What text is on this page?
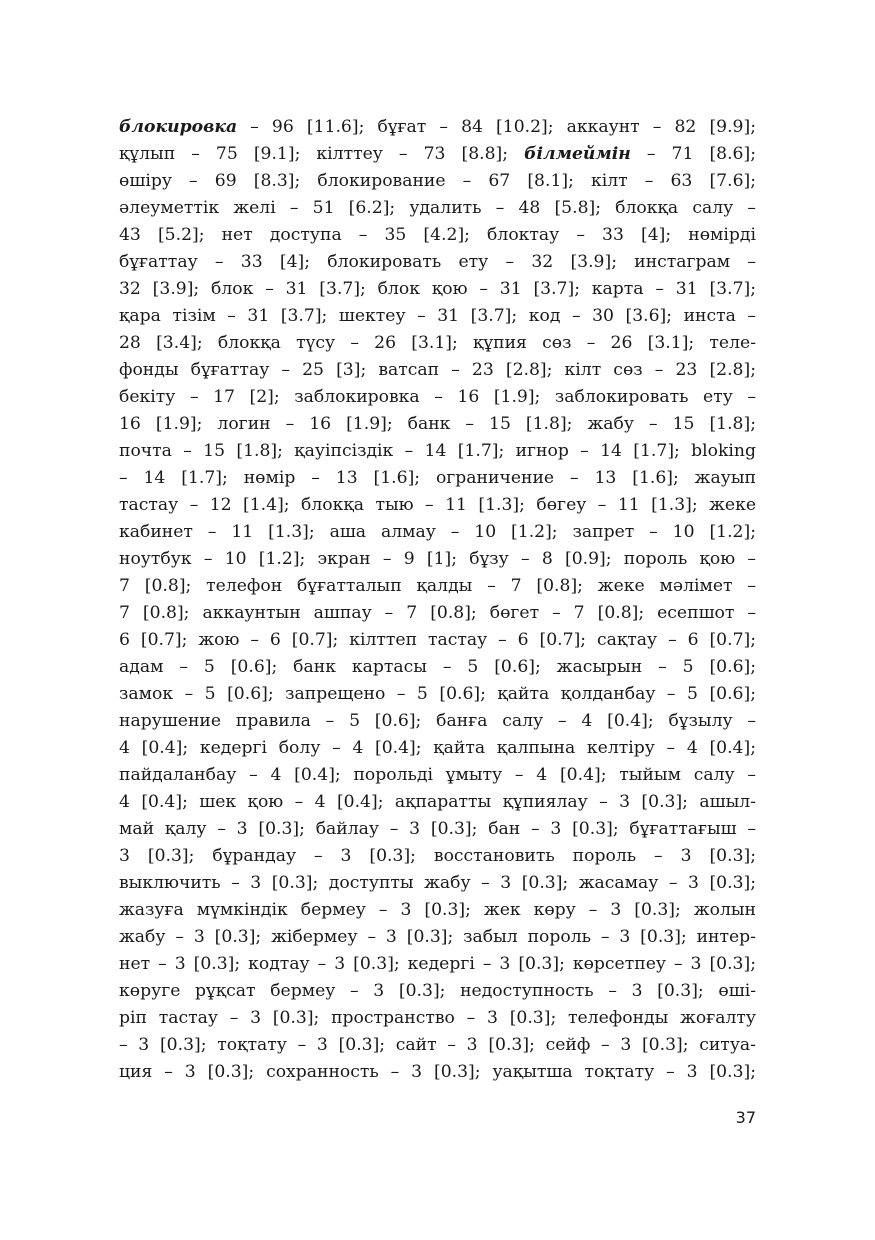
блокировка – 96 [11.6]; бұғат – 84 [10.2]; аккаунт – 82 [9.9];
құлып – 75 [9.1]; кілттеу – 73 [8.8]; білмеймін – 71 [8.6];
өшіру – 69 [8.3]; блокирование – 67 [8.1]; кілт – 63 [7.6];
әлеуметтік желі – 51 [6.2]; удалить – 48 [5.8]; блокқа салу –
43 [5.2]; нет доступа – 35 [4.2]; блоктау – 33 [4]; нөмірді
бұғаттау – 33 [4]; блокировать ету – 32 [3.9]; инстаграм –
32 [3.9]; блок – 31 [3.7]; блок қою – 31 [3.7]; карта – 31 [3.7];
қара тізім – 31 [3.7]; шектеу – 31 [3.7]; код – 30 [3.6]; инста –
28 [3.4]; блокқа түсу – 26 [3.1]; құпия сөз – 26 [3.1]; теле-
фонды бұғаттау – 25 [3]; ватсап – 23 [2.8]; кілт сөз – 23 [2.8];
бекіту – 17 [2]; заблокировка – 16 [1.9]; заблокировать ету –
16 [1.9]; логин – 16 [1.9]; банк – 15 [1.8]; жабу – 15 [1.8];
почта – 15 [1.8]; қауіпсіздік – 14 [1.7]; игнор – 14 [1.7]; bloking
– 14 [1.7]; нөмір – 13 [1.6]; ограничение – 13 [1.6]; жауып
тастау – 12 [1.4]; блокқа тыю – 11 [1.3]; бөгеу – 11 [1.3]; жеке
кабинет – 11 [1.3]; аша алмау – 10 [1.2]; запрет – 10 [1.2];
ноутбук – 10 [1.2]; экран – 9 [1]; бұзу – 8 [0.9]; пороль қою –
7 [0.8]; телефон бұғатталып қалды – 7 [0.8]; жеке мәлімет –
7 [0.8]; аккаунтын ашпау – 7 [0.8]; бөгет – 7 [0.8]; есепшот –
6 [0.7]; жою – 6 [0.7]; кілттеп тастау – 6 [0.7]; сақтау – 6 [0.7];
адам – 5 [0.6]; банк картасы – 5 [0.6]; жасырын – 5 [0.6];
замок – 5 [0.6]; запрещено – 5 [0.6]; қайта қолданбау – 5 [0.6];
нарушение правила – 5 [0.6]; банға салу – 4 [0.4]; бұзылу –
4 [0.4]; кедергі болу – 4 [0.4]; қайта қалпына келтіру – 4 [0.4];
пайдаланбау – 4 [0.4]; порольді ұмыту – 4 [0.4]; тыйым салу –
4 [0.4]; шек қою – 4 [0.4]; ақпаратты құпиялау – 3 [0.3]; ашыл-
май қалу – 3 [0.3]; байлау – 3 [0.3]; бан – 3 [0.3]; бұғаттағыш –
3 [0.3]; бұрандау – 3 [0.3]; восстановить пороль – 3 [0.3];
выключить – 3 [0.3]; доступты жабу – 3 [0.3]; жасамау – 3 [0.3];
жазуға мүмкіндік бермеу – 3 [0.3]; жек көру – 3 [0.3]; жолын
жабу – 3 [0.3]; жібермеу – 3 [0.3]; забыл пороль – 3 [0.3]; интер-
нет – 3 [0.3]; кодтау – 3 [0.3]; кедергі – 3 [0.3]; көрсетпеу – 3 [0.3];
көруге рұқсат бермеу – 3 [0.3]; недоступность – 3 [0.3]; өші-
ріп тастау – 3 [0.3]; пространство – 3 [0.3]; телефонды жоғалту
– 3 [0.3]; тоқтату – 3 [0.3]; сайт – 3 [0.3]; сейф – 3 [0.3]; ситуа-
ция – 3 [0.3]; сохранность – 3 [0.3]; уақытша тоқтату – 3 [0.3];

37
